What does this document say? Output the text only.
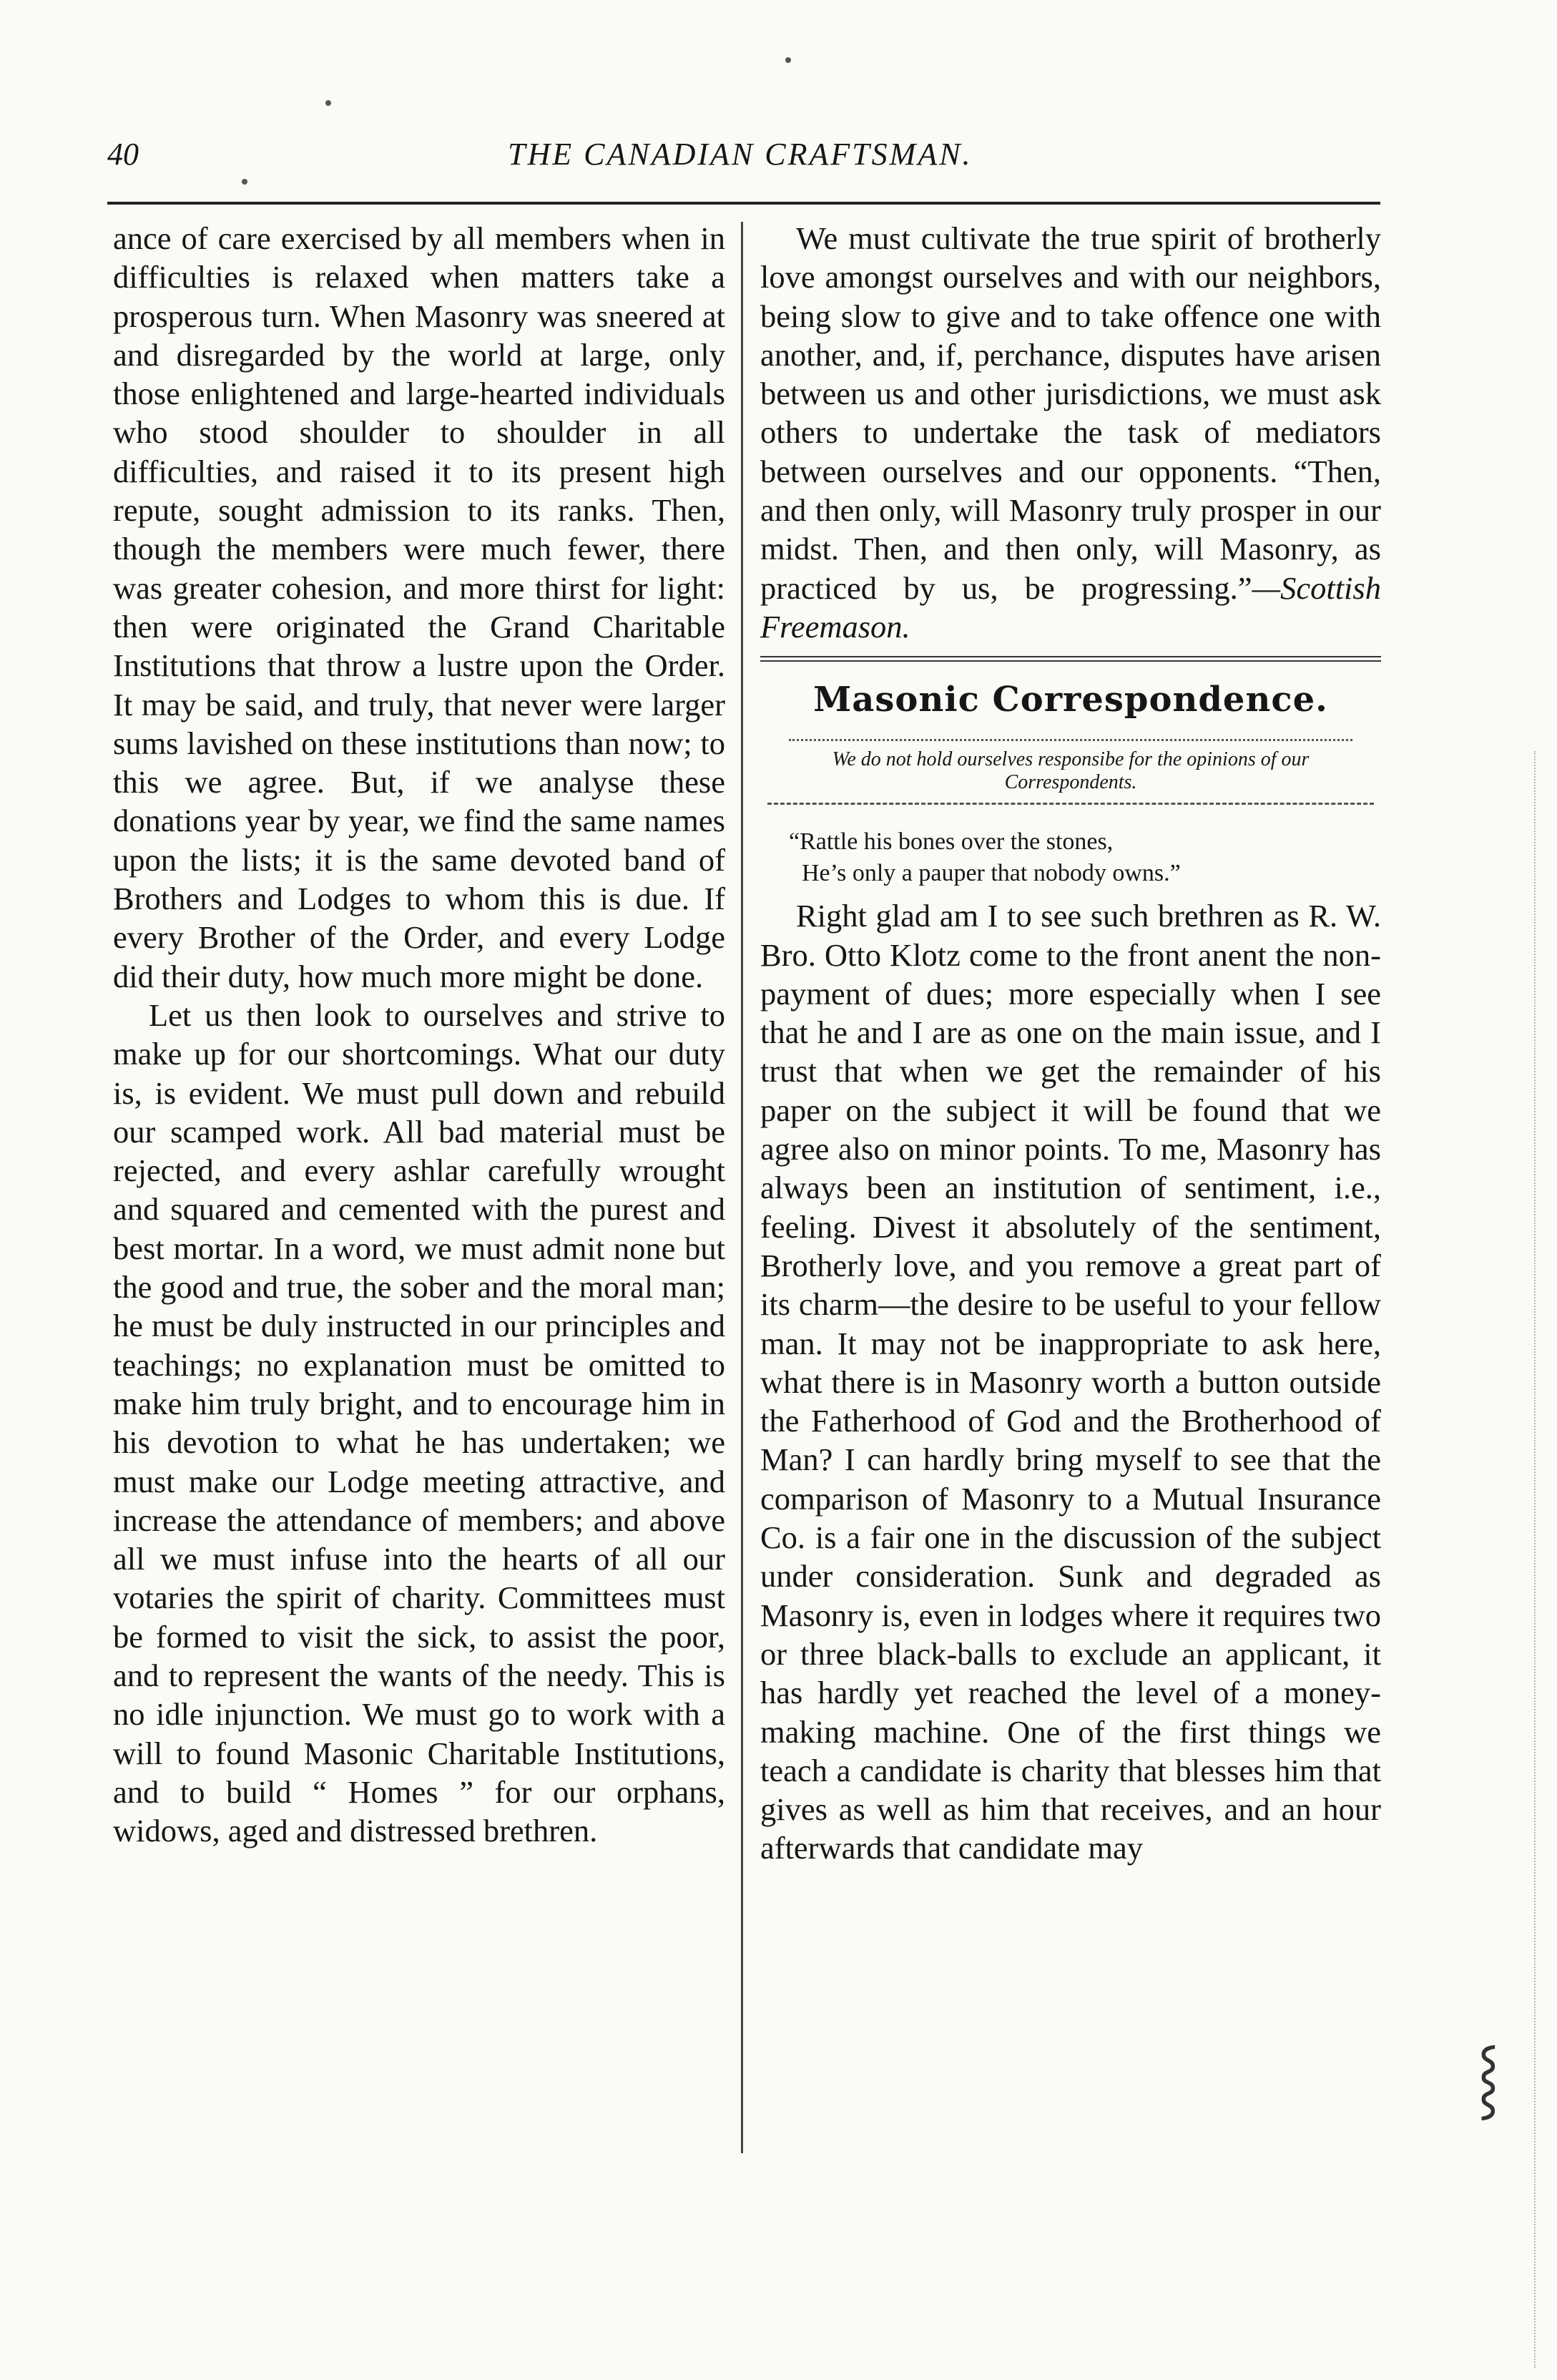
40	THE CANADIAN CRAFTSMAN.

ance of care exercised by all members when in difficulties is relaxed when matters take a prosperous turn. When Masonry was sneered at and disregarded by the world at large, only those enlightened and large-hearted individuals who stood shoulder to shoulder in all difficulties, and raised it to its present high repute, sought admission to its ranks. Then, though the members were much fewer, there was greater cohesion, and more thirst for light: then were originated the Grand Charitable Institutions that throw a lustre upon the Order. It may be said, and truly, that never were larger sums lavished on these institutions than now; to this we agree. But, if we analyse these donations year by year, we find the same names upon the lists; it is the same devoted band of Brothers and Lodges to whom this is due. If every Brother of the Order, and every Lodge did their duty, how much more might be done.

Let us then look to ourselves and strive to make up for our shortcomings. What our duty is, is evident. We must pull down and rebuild our scamped work. All bad material must be rejected, and every ashlar carefully wrought and squared and cemented with the purest and best mortar. In a word, we must admit none but the good and true, the sober and the moral man; he must be duly instructed in our principles and teachings; no explanation must be omitted to make him truly bright, and to encourage him in his devotion to what he has undertaken; we must make our Lodge meeting attractive, and increase the attendance of members; and above all we must infuse into the hearts of all our votaries the spirit of charity. Committees must be formed to visit the sick, to assist the poor, and to represent the wants of the needy. This is no idle injunction. We must go to work with a will to found Masonic Charitable Institutions, and to build “ Homes ” for our orphans, widows, aged and distressed brethren.

We must cultivate the true spirit of brotherly love amongst ourselves and with our neighbors, being slow to give and to take offence one with another, and, if, perchance, disputes have arisen between us and other jurisdictions, we must ask others to undertake the task of mediators between ourselves and our opponents. “Then, and then only, will Masonry truly prosper in our midst. Then, and then only, will Masonry, as practiced by us, be progressing.”—Scottish Freemason.

Masonic Correspondence.
We do not hold ourselves responsibe for the opinions of our Correspondents.
“Rattle his bones over the stones,
He’s only a pauper that nobody owns.”

Right glad am I to see such brethren as R. W. Bro. Otto Klotz come to the front anent the non-payment of dues; more especially when I see that he and I are as one on the main issue, and I trust that when we get the remainder of his paper on the subject it will be found that we agree also on minor points. To me, Masonry has always been an institution of sentiment, i.e., feeling. Divest it absolutely of the sentiment, Brotherly love, and you remove a great part of its charm—the desire to be useful to your fellow man. It may not be inappropriate to ask here, what there is in Masonry worth a button outside the Fatherhood of God and the Brotherhood of Man? I can hardly bring myself to see that the comparison of Masonry to a Mutual Insurance Co. is a fair one in the discussion of the subject under consideration. Sunk and degraded as Masonry is, even in lodges where it requires two or three black-balls to exclude an applicant, it has hardly yet reached the level of a money-making machine. One of the first things we teach a candidate is charity that blesses him that gives as well as him that receives, and an hour afterwards that candidate may

⸾
